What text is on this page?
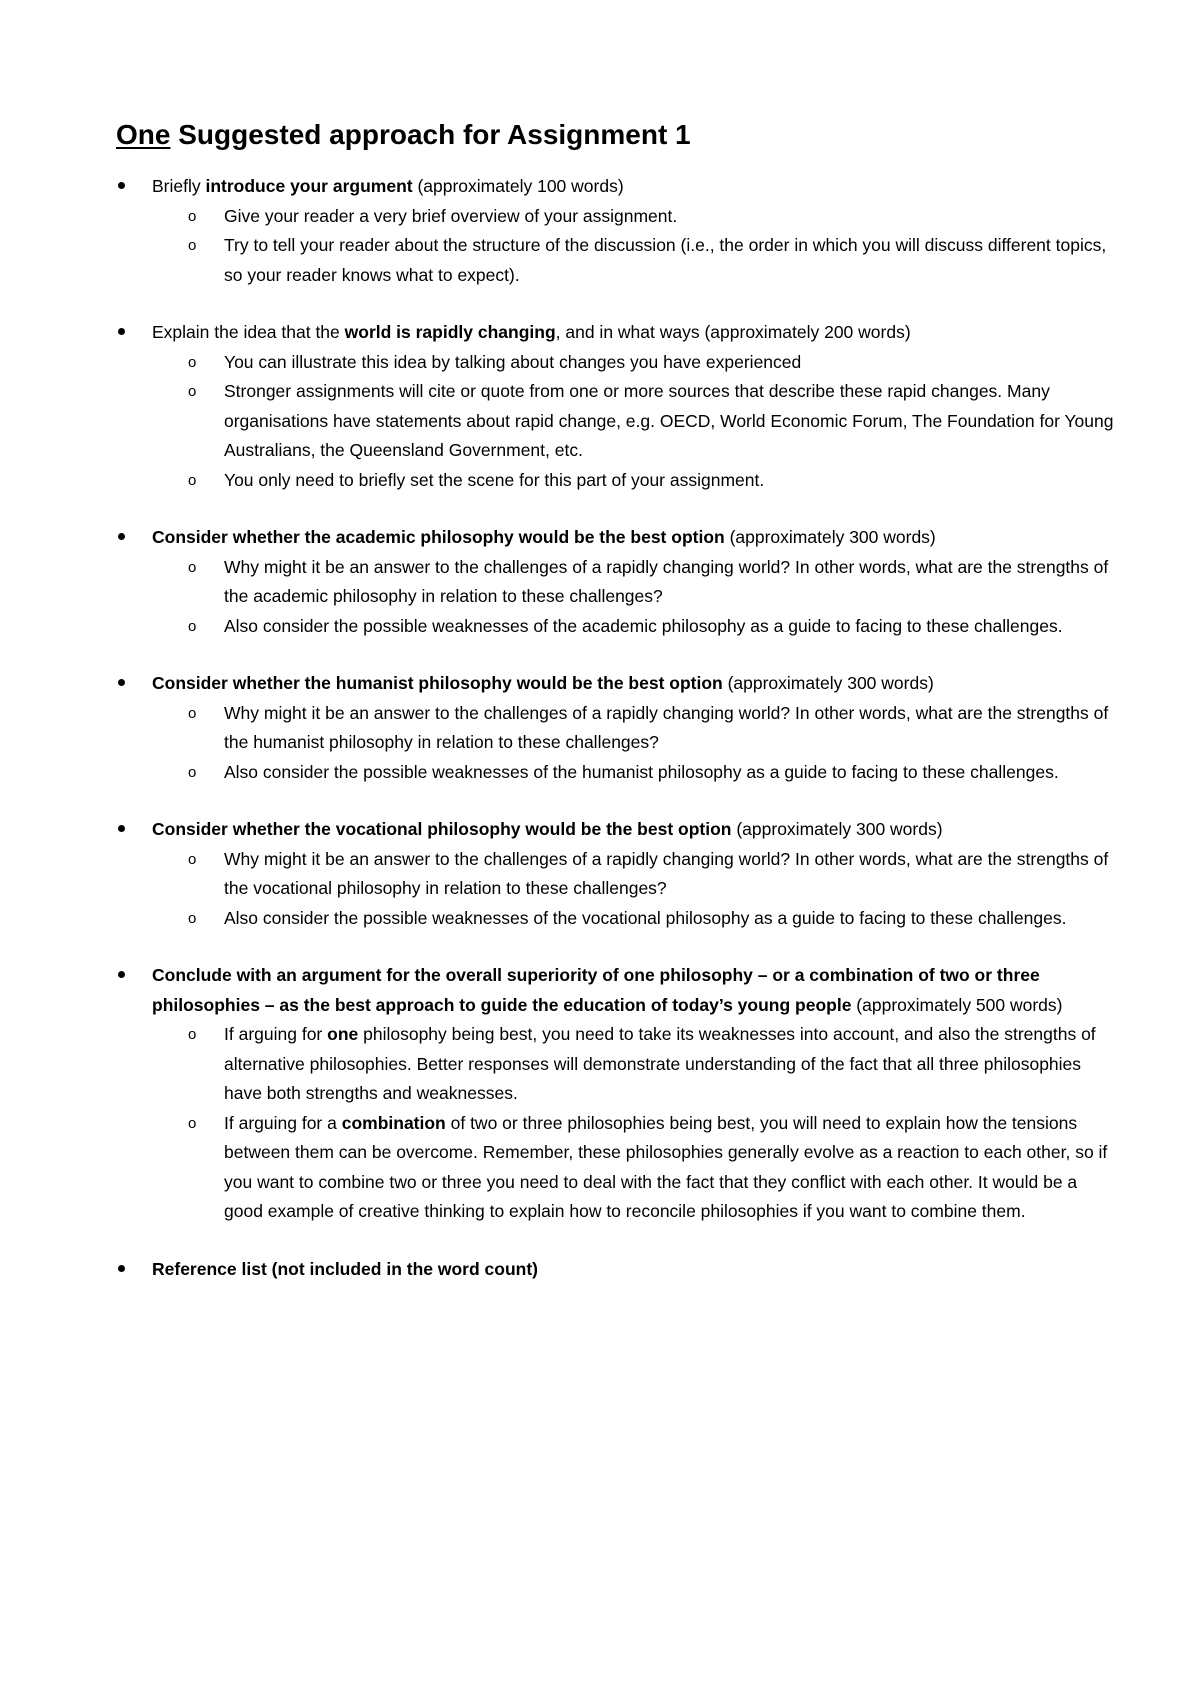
One Suggested approach for Assignment 1
Briefly introduce your argument (approximately 100 words)
o	Give your reader a very brief overview of your assignment.
o	Try to tell your reader about the structure of the discussion (i.e., the order in which you will discuss different topics, so your reader knows what to expect).
Explain the idea that the world is rapidly changing, and in what ways (approximately 200 words)
o	You can illustrate this idea by talking about changes you have experienced
o	Stronger assignments will cite or quote from one or more sources that describe these rapid changes. Many organisations have statements about rapid change, e.g. OECD, World Economic Forum, The Foundation for Young Australians, the Queensland Government, etc.
o	You only need to briefly set the scene for this part of your assignment.
Consider whether the academic philosophy would be the best option (approximately 300 words)
o	Why might it be an answer to the challenges of a rapidly changing world? In other words, what are the strengths of the academic philosophy in relation to these challenges?
o	Also consider the possible weaknesses of the academic philosophy as a guide to facing to these challenges.
Consider whether the humanist philosophy would be the best option (approximately 300 words)
o	Why might it be an answer to the challenges of a rapidly changing world? In other words, what are the strengths of the humanist philosophy in relation to these challenges?
o	Also consider the possible weaknesses of the humanist philosophy as a guide to facing to these challenges.
Consider whether the vocational philosophy would be the best option (approximately 300 words)
o	Why might it be an answer to the challenges of a rapidly changing world? In other words, what are the strengths of the vocational philosophy in relation to these challenges?
o	Also consider the possible weaknesses of the vocational philosophy as a guide to facing to these challenges.
Conclude with an argument for the overall superiority of one philosophy – or a combination of two or three philosophies – as the best approach to guide the education of today’s young people (approximately 500 words)
o	If arguing for one philosophy being best, you need to take its weaknesses into account, and also the strengths of alternative philosophies. Better responses will demonstrate understanding of the fact that all three philosophies have both strengths and weaknesses.
o	If arguing for a combination of two or three philosophies being best, you will need to explain how the tensions between them can be overcome. Remember, these philosophies generally evolve as a reaction to each other, so if you want to combine two or three you need to deal with the fact that they conflict with each other. It would be a good example of creative thinking to explain how to reconcile philosophies if you want to combine them.
Reference list (not included in the word count)
